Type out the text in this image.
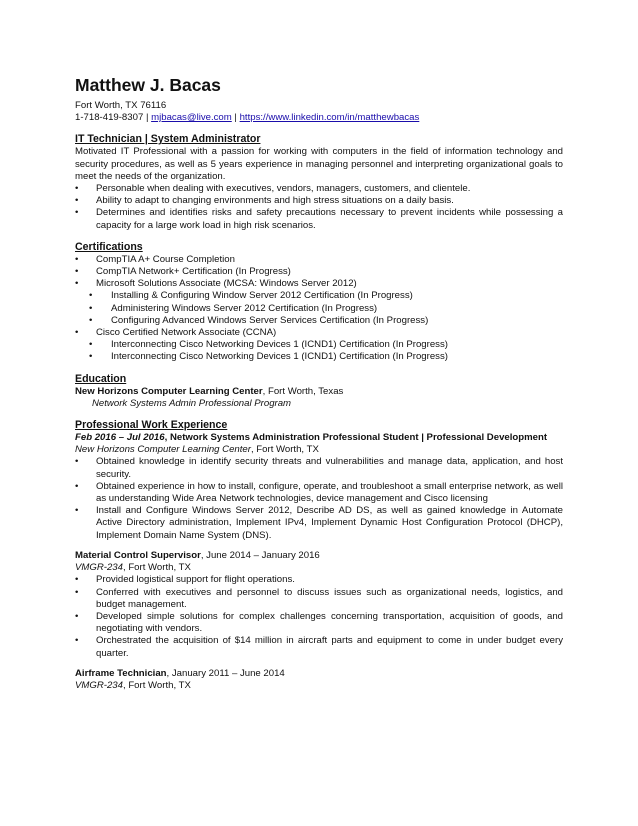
Matthew J. Bacas
Fort Worth, TX 76116
1-718-419-8307 | mjbacas@live.com | https://www.linkedin.com/in/matthewbacas
IT Technician | System Administrator
Motivated IT Professional with a passion for working with computers in the field of information technology and security procedures, as well as 5 years experience in managing personnel and interpreting organizational goals to meet the needs of the organization.
• Personable when dealing with executives, vendors, managers, customers, and clientele.
• Ability to adapt to changing environments and high stress situations on a daily basis.
• Determines and identifies risks and safety precautions necessary to prevent incidents while possessing a capacity for a large work load in high risk scenarios.
Certifications
• CompTIA A+ Course Completion
• CompTIA Network+ Certification (In Progress)
• Microsoft Solutions Associate (MCSA: Windows Server 2012)
• Installing & Configuring Window Server 2012 Certification (In Progress)
• Administering Windows Server 2012 Certification (In Progress)
• Configuring Advanced Windows Server Services Certification (In Progress)
• Cisco Certified Network Associate (CCNA)
• Interconnecting Cisco Networking Devices 1 (ICND1) Certification (In Progress)
• Interconnecting Cisco Networking Devices 1 (ICND1) Certification (In Progress)
Education
New Horizons Computer Learning Center, Fort Worth, Texas
Network Systems Admin Professional Program
Professional Work Experience
Feb 2016 – Jul 2016, Network Systems Administration Professional Student | Professional Development
New Horizons Computer Learning Center, Fort Worth, TX
• Obtained knowledge in identify security threats and vulnerabilities and manage data, application, and host security.
• Obtained experience in how to install, configure, operate, and troubleshoot a small enterprise network, as well as understanding Wide Area Network technologies, device management and Cisco licensing
• Install and Configure Windows Server 2012, Describe AD DS, as well as gained knowledge in Automate Active Directory administration, Implement IPv4, Implement Dynamic Host Configuration Protocol (DHCP), Implement Domain Name System (DNS).
Material Control Supervisor, June 2014 – January 2016
VMGR-234, Fort Worth, TX
• Provided logistical support for flight operations.
• Conferred with executives and personnel to discuss issues such as organizational needs, logistics, and budget management.
• Developed simple solutions for complex challenges concerning transportation, acquisition of goods, and negotiating with vendors.
• Orchestrated the acquisition of $14 million in aircraft parts and equipment to come in under budget every quarter.
Airframe Technician, January 2011 – June 2014
VMGR-234, Fort Worth, TX
